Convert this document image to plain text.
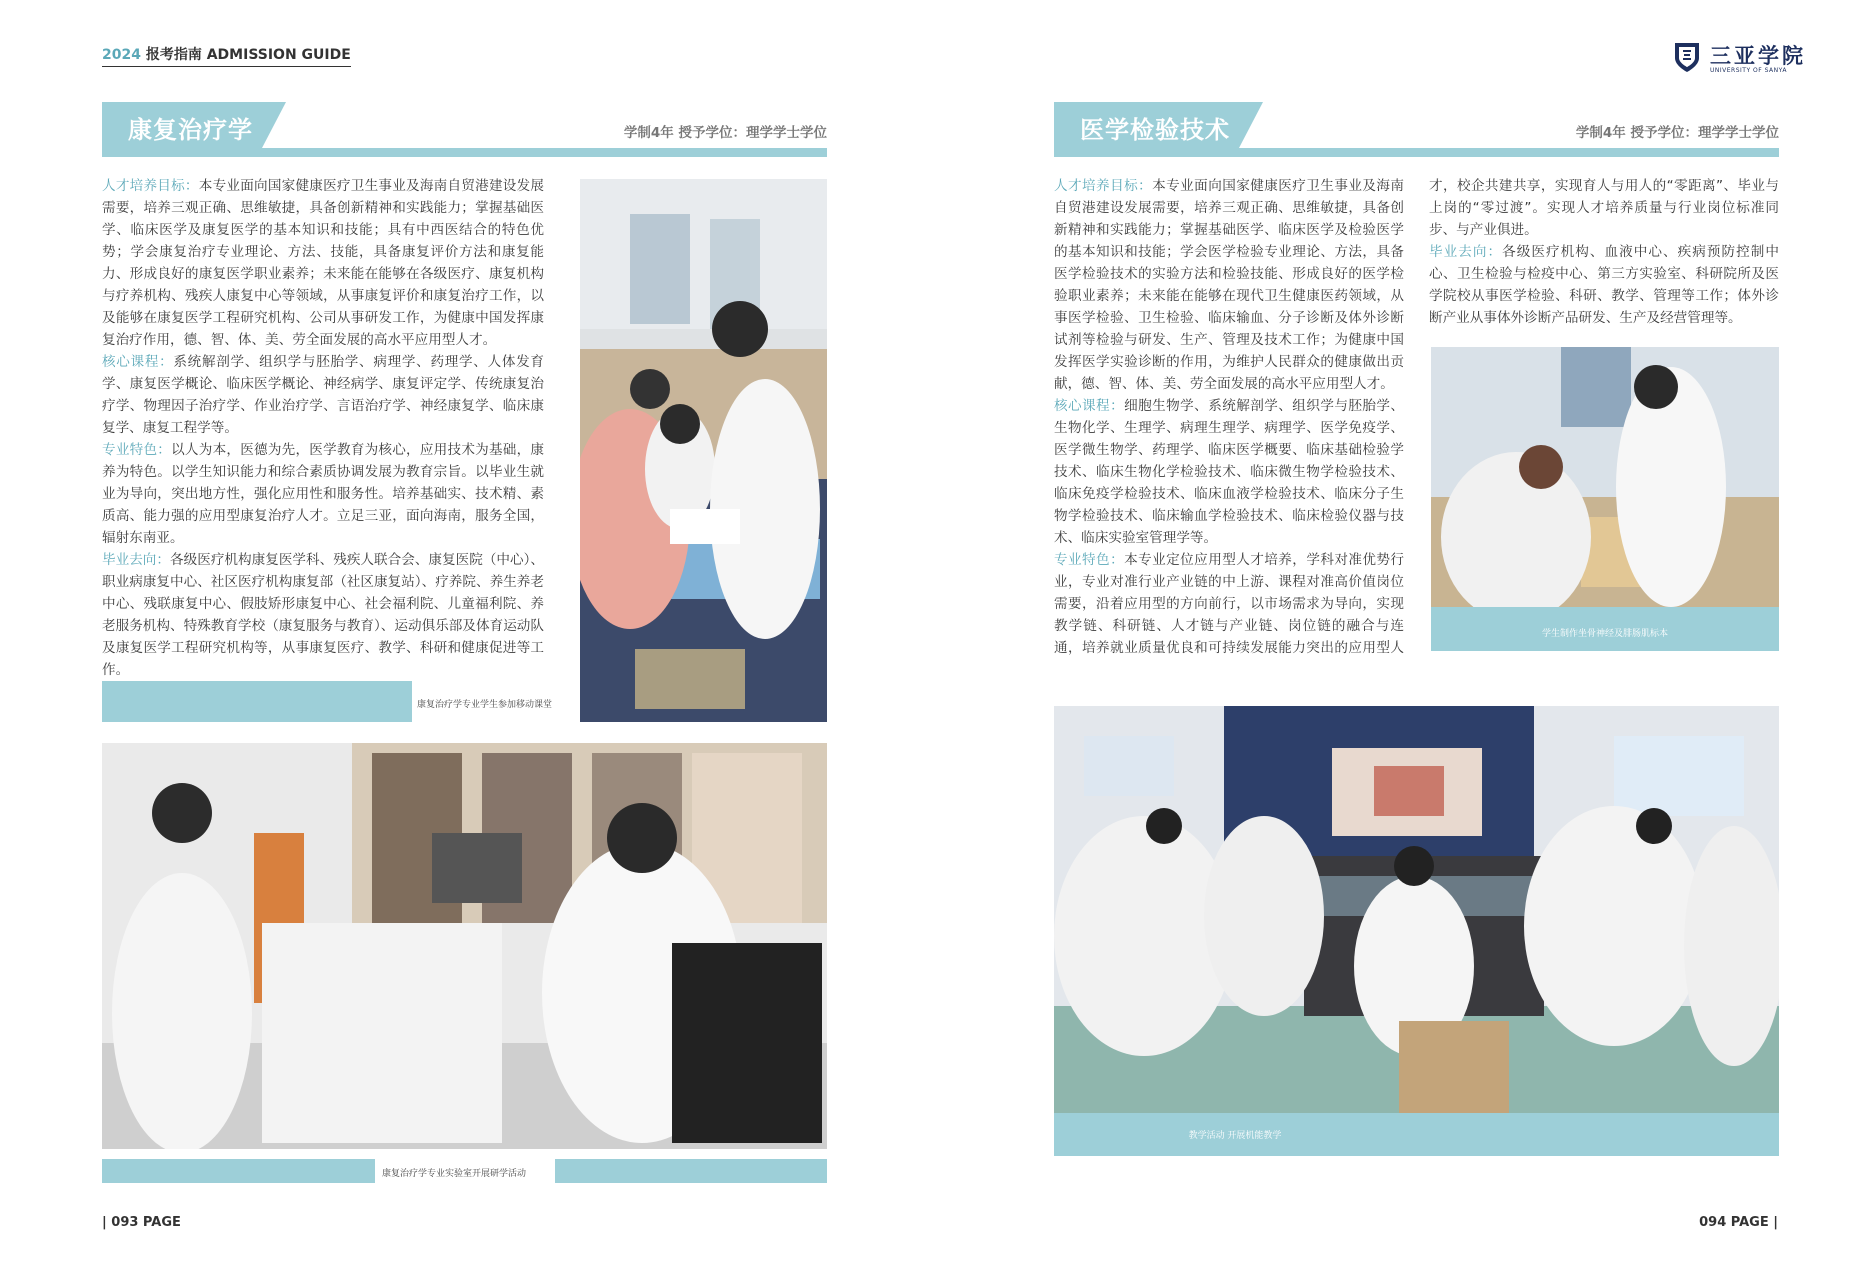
2024 报考指南 ADMISSION GUIDE	三亚学院
UNIVERSITY OF SANYA
康复治疗学	学制4年 授予学位：理学学士学位

人才培养目标：本专业面向国家健康医疗卫生事业及海南自贸港建设发展需要，培养三观正确、思维敏捷，具备创新精神和实践能力；掌握基础医学、临床医学及康复医学的基本知识和技能；具有中西医结合的特色优势；学会康复治疗专业理论、方法、技能，具备康复评价方法和康复能力、形成良好的康复医学职业素养；未来能在能够在各级医疗、康复机构与疗养机构、残疾人康复中心等领域，从事康复评价和康复治疗工作，以及能够在康复医学工程研究机构、公司从事研发工作，为健康中国发挥康复治疗作用，德、智、体、美、劳全面发展的高水平应用型人才。

核心课程：系统解剖学、组织学与胚胎学、病理学、药理学、人体发育学、康复医学概论、临床医学概论、神经病学、康复评定学、传统康复治疗学、物理因子治疗学、作业治疗学、言语治疗学、神经康复学、临床康复学、康复工程学等。

专业特色：以人为本，医德为先，医学教育为核心，应用技术为基础，康养为特色。以学生知识能力和综合素质协调发展为教育宗旨。以毕业生就业为导向，突出地方性，强化应用性和服务性。培养基础实、技术精、素质高、能力强的应用型康复治疗人才。立足三亚，面向海南，服务全国，辐射东南亚。

毕业去向：各级医疗机构康复医学科、残疾人联合会、康复医院（中心）、职业病康复中心、社区医疗机构康复部（社区康复站）、疗养院、养生养老中心、残联康复中心、假肢矫形康复中心、社会福利院、儿童福利院、养老服务机构、特殊教育学校（康复服务与教育）、运动俱乐部及体育运动队及康复医学工程研究机构等，从事康复医疗、教学、科研和健康促进等工作。

康复治疗学专业学生参加移动课堂
康复治疗学专业实验室开展研学活动
| 093 PAGE
医学检验技术	学制4年 授予学位：理学学士学位

人才培养目标：本专业面向国家健康医疗卫生事业及海南自贸港建设发展需要，培养三观正确、思维敏捷，具备创新精神和实践能力；掌握基础医学、临床医学及检验医学的基本知识和技能；学会医学检验专业理论、方法，具备医学检验技术的实验方法和检验技能、形成良好的医学检验职业素养；未来能在能够在现代卫生健康医药领域，从事医学检验、卫生检验、临床输血、分子诊断及体外诊断试剂等检验与研发、生产、管理及技术工作；为健康中国发挥医学实验诊断的作用，为维护人民群众的健康做出贡献，德、智、体、美、劳全面发展的高水平应用型人才。

核心课程：细胞生物学、系统解剖学、组织学与胚胎学、生物化学、生理学、病理生理学、病理学、医学免疫学、医学微生物学、药理学、临床医学概要、临床基础检验学技术、临床生物化学检验技术、临床微生物学检验技术、临床免疫学检验技术、临床血液学检验技术、临床分子生物学检验技术、临床输血学检验技术、临床检验仪器与技术、临床实验室管理学等。

专业特色：本专业定位应用型人才培养，学科对准优势行业，专业对准行业产业链的中上游、课程对准高价值岗位需要，沿着应用型的方向前行，以市场需求为导向，实现教学链、科研链、人才链与产业链、岗位链的融合与连通，培养就业质量优良和可持续发展能力突出的应用型人才，校企共建共享，实现育人与用人的“零距离”、毕业与上岗的“零过渡”。实现人才培养质量与行业岗位标准同步、与产业俱进。

毕业去向：各级医疗机构、血液中心、疾病预防控制中心、卫生检验与检疫中心、第三方实验室、科研院所及医学院校从事医学检验、科研、教学、管理等工作；体外诊断产业从事体外诊断产品研发、生产及经营管理等。

学生制作坐骨神经及腓肠肌标本
教学活动 开展机能教学
094 PAGE |
